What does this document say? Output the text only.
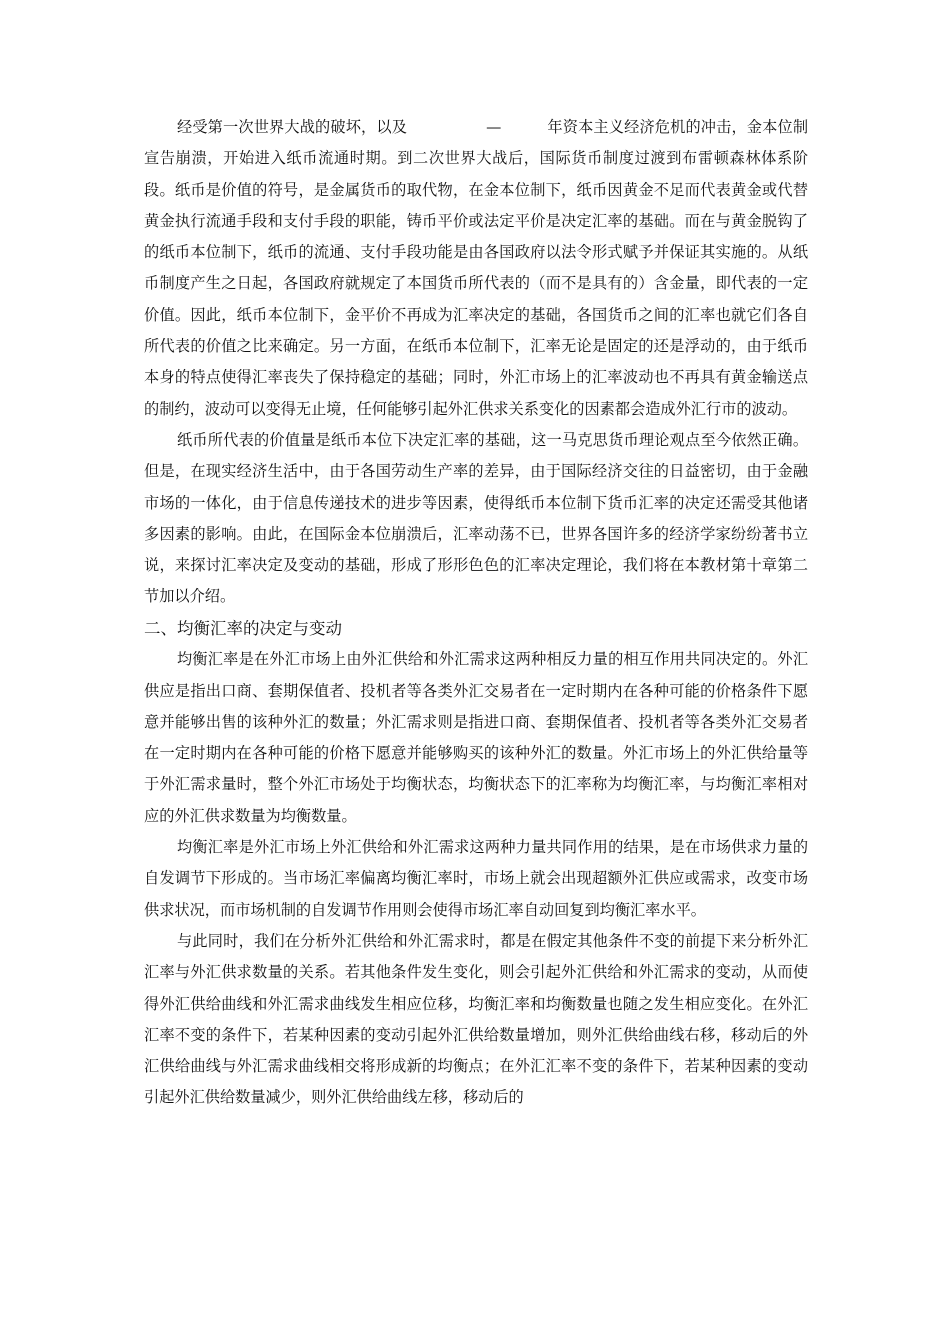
经受第一次世界大战的破坏，以及	—	年资本主义经济危机的冲击，金本位制宣告崩溃，开始进入纸币流通时期。到二次世界大战后，国际货币制度过渡到布雷顿森林体系阶段。纸币是价值的符号，是金属货币的取代物，在金本位制下，纸币因黄金不足而代表黄金或代替黄金执行流通手段和支付手段的职能，铸币平价或法定平价是决定汇率的基础。而在与黄金脱钩了的纸币本位制下，纸币的流通、支付手段功能是由各国政府以法令形式赋予并保证其实施的。从纸币制度产生之日起，各国政府就规定了本国货币所代表的（而不是具有的）含金量，即代表的一定价值。因此，纸币本位制下，金平价不再成为汇率决定的基础，各国货币之间的汇率也就它们各自所代表的价值之比来确定。另一方面，在纸币本位制下，汇率无论是固定的还是浮动的，由于纸币本身的特点使得汇率丧失了保持稳定的基础；同时，外汇市场上的汇率波动也不再具有黄金输送点的制约，波动可以变得无止境，任何能够引起外汇供求关系变化的因素都会造成外汇行市的波动。

纸币所代表的价值量是纸币本位下决定汇率的基础，这一马克思货币理论观点至今依然正确。但是，在现实经济生活中，由于各国劳动生产率的差异，由于国际经济交往的日益密切，由于金融市场的一体化，由于信息传递技术的进步等因素，使得纸币本位制下货币汇率的决定还需受其他诸多因素的影响。由此，在国际金本位崩溃后，汇率动荡不已，世界各国许多的经济学家纷纷著书立说，来探讨汇率决定及变动的基础，形成了形形色色的汇率决定理论，我们将在本教材第十章第二节加以介绍。

二、均衡汇率的决定与变动

均衡汇率是在外汇市场上由外汇供给和外汇需求这两种相反力量的相互作用共同决定的。外汇供应是指出口商、套期保值者、投机者等各类外汇交易者在一定时期内在各种可能的价格条件下愿意并能够出售的该种外汇的数量；外汇需求则是指进口商、套期保值者、投机者等各类外汇交易者在一定时期内在各种可能的价格下愿意并能够购买的该种外汇的数量。外汇市场上的外汇供给量等于外汇需求量时，整个外汇市场处于均衡状态，均衡状态下的汇率称为均衡汇率，与均衡汇率相对应的外汇供求数量为均衡数量。

均衡汇率是外汇市场上外汇供给和外汇需求这两种力量共同作用的结果，是在市场供求力量的自发调节下形成的。当市场汇率偏离均衡汇率时，市场上就会出现超额外汇供应或需求，改变市场供求状况，而市场机制的自发调节作用则会使得市场汇率自动回复到均衡汇率水平。

与此同时，我们在分析外汇供给和外汇需求时，都是在假定其他条件不变的前提下来分析外汇汇率与外汇供求数量的关系。若其他条件发生变化，则会引起外汇供给和外汇需求的变动，从而使得外汇供给曲线和外汇需求曲线发生相应位移，均衡汇率和均衡数量也随之发生相应变化。在外汇汇率不变的条件下，若某种因素的变动引起外汇供给数量增加，则外汇供给曲线右移，移动后的外汇供给曲线与外汇需求曲线相交将形成新的均衡点；在外汇汇率不变的条件下，若某种因素的变动引起外汇供给数量减少，则外汇供给曲线左移，移动后的
